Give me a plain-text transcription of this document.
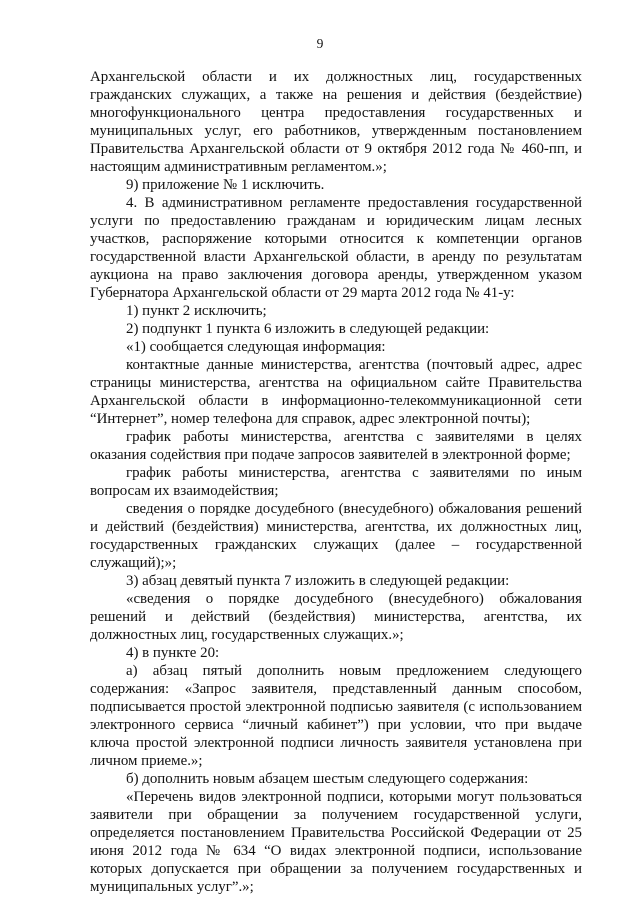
9

Архангельской области и их должностных лиц, государственных гражданских служащих, а также на решения и действия (бездействие) многофункционального центра предоставления государственных и муниципальных услуг, его работников, утвержденным постановлением Правительства Архангельской области от 9 октября 2012 года № 460-пп, и настоящим административным регламентом.»;

9) приложение № 1 исключить.

4. В административном регламенте предоставления государственной услуги по предоставлению гражданам и юридическим лицам лесных участков, распоряжение которыми относится к компетенции органов государственной власти Архангельской области, в аренду по результатам аукциона на право заключения договора аренды, утвержденном указом Губернатора Архангельской области от 29 марта 2012 года № 41-у:

1) пункт 2 исключить;

2) подпункт 1 пункта 6 изложить в следующей редакции:

«1) сообщается следующая информация:

контактные данные министерства, агентства (почтовый адрес, адрес страницы министерства, агентства на официальном сайте Правительства Архангельской области в информационно-телекоммуникационной сети “Интернет”, номер телефона для справок, адрес электронной почты);

график работы министерства, агентства с заявителями в целях оказания содействия при подаче запросов заявителей в электронной форме;

график работы министерства, агентства с заявителями по иным вопросам их взаимодействия;

сведения о порядке досудебного (внесудебного) обжалования решений и действий (бездействия) министерства, агентства, их должностных лиц, государственных гражданских служащих (далее – государственной служащий);»;

3) абзац девятый пункта 7 изложить в следующей редакции:

«сведения о порядке досудебного (внесудебного) обжалования решений и действий (бездействия) министерства, агентства, их должностных лиц, государственных служащих.»;

4) в пункте 20:

а) абзац пятый дополнить новым предложением следующего содержания: «Запрос заявителя, представленный данным способом, подписывается простой электронной подписью заявителя (с использованием электронного сервиса “личный кабинет”) при условии, что при выдаче ключа простой электронной подписи личность заявителя установлена при личном приеме.»;

б) дополнить новым абзацем шестым следующего содержания:

«Перечень видов электронной подписи, которыми могут пользоваться заявители при обращении за получением государственной услуги, определяется постановлением Правительства Российской Федерации от 25 июня 2012 года № 634 “О видах электронной подписи, использование которых допускается при обращении за получением государственных и муниципальных услуг”.»;
